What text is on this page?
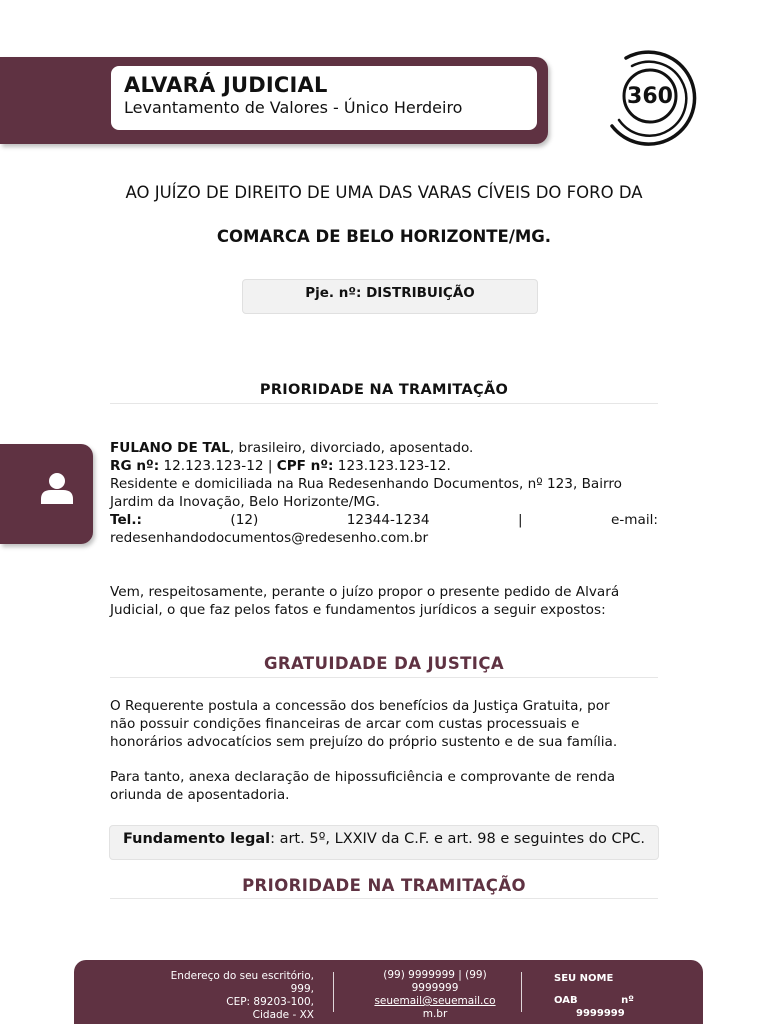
ALVARÁ JUDICIAL
Levantamento de Valores - Único Herdeiro	360
AO JUÍZO DE DIREITO DE UMA DAS VARAS CÍVEIS DO FORO DA
COMARCA DE BELO HORIZONTE/MG.
Pje. nº: DISTRIBUIÇÃO
PRIORIDADE NA TRAMITAÇÃO
FULANO DE TAL, brasileiro, divorciado, aposentado.
RG nº: 12.123.123-12 | CPF nº: 123.123.123-12.
Residente e domiciliada na Rua Redesenhando Documentos, nº 123, Bairro
Jardim da Inovação, Belo Horizonte/MG.
Tel.:	(12)	12344-1234	|	e-mail:
redesenhandodocumentos@redesenho.com.br
Vem, respeitosamente, perante o juízo propor o presente pedido de Alvará
Judicial, o que faz pelos fatos e fundamentos jurídicos a seguir expostos:
GRATUIDADE DA JUSTIÇA
O Requerente postula a concessão dos benefícios da Justiça Gratuita, por
não possuir condições financeiras de arcar com custas processuais e
honorários advocatícios sem prejuízo do próprio sustento e de sua família.
Para tanto, anexa declaração de hipossuficiência e comprovante de renda
oriunda de aposentadoria.
Fundamento legal: art. 5º, LXXIV da C.F. e art. 98 e seguintes do CPC.
PRIORIDADE NA TRAMITAÇÃO
Endereço do seu escritório,
999,
CEP: 89203-100,
Cidade - XX
(99) 9999999 | (99)
9999999
seuemail@seuemail.co
m.br
SEU NOME
OAB nº
9999999
